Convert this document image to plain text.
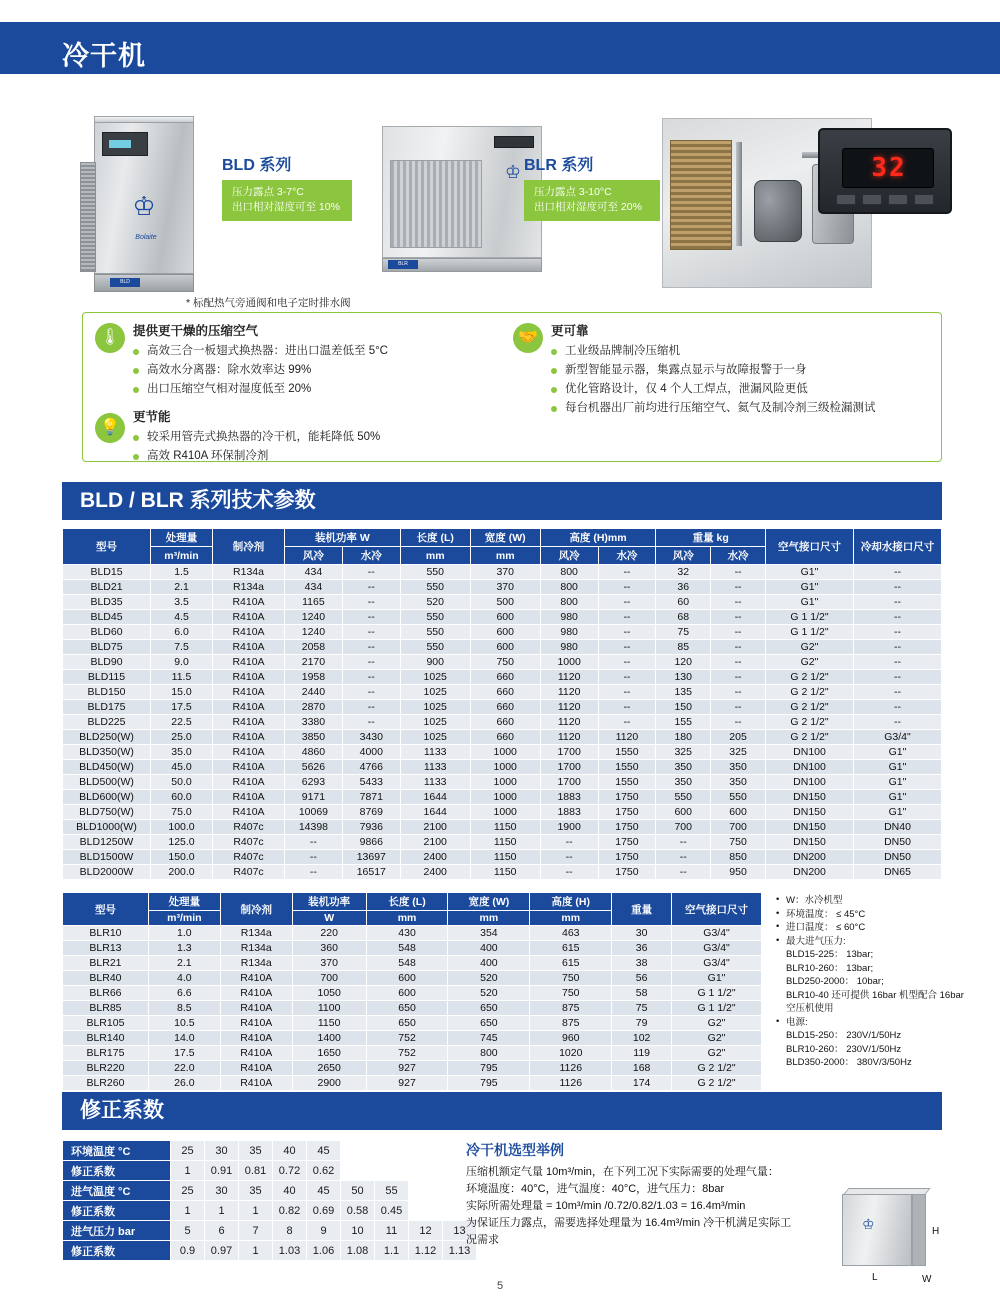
冷干机
♔
Bolaite
BLD
♔
BLR
32
BLD 系列
压力露点 3-7°C
出口相对湿度可至 10%
BLR 系列
压力露点 3-10°C
出口相对湿度可至 20%
* 标配热气旁通阀和电子定时排水阀
🌡	提供更干燥的压缩空气
高效三合一板翅式换热器：进出口温差低至 5°C
高效水分离器：除水效率达 99%
出口压缩空气相对湿度低至 20%
💡
更节能
较采用管壳式换热器的冷干机，能耗降低 50%
高效 R410A 环保制冷剂
🤝	更可靠
工业级品牌制冷压缩机
新型智能显示器，集露点显示与故障报警于一身
优化管路设计，仅 4 个人工焊点，泄漏风险更低
每台机器出厂前均进行压缩空气、氦气及制冷剂三级检漏测试
BLD / BLR 系列技术参数
型号	处理量	制冷剂	装机功率 W		长度 (L)	宽度 (W)	高度 (H)mm		重量 kg		空气接口尺寸	冷却水接口尺寸
	m³/min		风冷	水冷	mm	mm	风冷	水冷	风冷	水冷		
BLD15	1.5	R134a	434	--	550	370	800	--	32	--	G1"	--
BLD21	2.1	R134a	434	--	550	370	800	--	36	--	G1"	--
BLD35	3.5	R410A	1165	--	520	500	800	--	60	--	G1"	--
BLD45	4.5	R410A	1240	--	550	600	980	--	68	--	G 1 1/2"	--
BLD60	6.0	R410A	1240	--	550	600	980	--	75	--	G 1 1/2"	--
BLD75	7.5	R410A	2058	--	550	600	980	--	85	--	G2"	--
BLD90	9.0	R410A	2170	--	900	750	1000	--	120	--	G2"	--
BLD115	11.5	R410A	1958	--	1025	660	1120	--	130	--	G 2 1/2"	--
BLD150	15.0	R410A	2440	--	1025	660	1120	--	135	--	G 2 1/2"	--
BLD175	17.5	R410A	2870	--	1025	660	1120	--	150	--	G 2 1/2"	--
BLD225	22.5	R410A	3380	--	1025	660	1120	--	155	--	G 2 1/2"	--
BLD250(W)	25.0	R410A	3850	3430	1025	660	1120	1120	180	205	G 2 1/2"	G3/4"
BLD350(W)	35.0	R410A	4860	4000	1133	1000	1700	1550	325	325	DN100	G1"
BLD450(W)	45.0	R410A	5626	4766	1133	1000	1700	1550	350	350	DN100	G1"
BLD500(W)	50.0	R410A	6293	5433	1133	1000	1700	1550	350	350	DN100	G1"
BLD600(W)	60.0	R410A	9171	7871	1644	1000	1883	1750	550	550	DN150	G1"
BLD750(W)	75.0	R410A	10069	8769	1644	1000	1883	1750	600	600	DN150	G1"
BLD1000(W)	100.0	R407c	14398	7936	2100	1150	1900	1750	700	700	DN150	DN40
BLD1250W	125.0	R407c	--	9866	2100	1150	--	1750	--	750	DN150	DN50
BLD1500W	150.0	R407c	--	13697	2400	1150	--	1750	--	850	DN200	DN50
BLD2000W	200.0	R407c	--	16517	2400	1150	--	1750	--	950	DN200	DN65
型号	处理量	制冷剂	装机功率	长度 (L)	宽度 (W)	高度 (H)	重量	空气接口尺寸
	m³/min		W	mm	mm	mm		
BLR10	1.0	R134a	220	430	354	463	30	G3/4"
BLR13	1.3	R134a	360	548	400	615	36	G3/4"
BLR21	2.1	R134a	370	548	400	615	38	G3/4"
BLR40	4.0	R410A	700	600	520	750	56	G1"
BLR66	6.6	R410A	1050	600	520	750	58	G 1 1/2"
BLR85	8.5	R410A	1100	650	650	875	75	G 1 1/2"
BLR105	10.5	R410A	1150	650	650	875	79	G2"
BLR140	14.0	R410A	1400	752	745	960	102	G2"
BLR175	17.5	R410A	1650	752	800	1020	119	G2"
BLR220	22.0	R410A	2650	927	795	1126	168	G 2 1/2"
BLR260	26.0	R410A	2900	927	795	1126	174	G 2 1/2"
• W：水冷机型
• 环境温度： ≤ 45°C
• 进口温度： ≤ 60°C
• 最大进气压力:
BLD15-225： 13bar;
BLR10-260： 13bar;
BLD250-2000： 10bar;
BLR10-40 还可提供 16bar 机型配合 16bar 空压机使用
• 电源:
BLD15-250： 230V/1/50Hz
BLR10-260： 230V/1/50Hz
BLD350-2000： 380V/3/50Hz
修正系数
环境温度 °C	25	30	35	40	45				
修正系数	1	0.91	0.81	0.72	0.62				
进气温度 °C	25	30	35	40	45	50	55		
修正系数	1	1	1	0.82	0.69	0.58	0.45		
进气压力 bar	5	6	7	8	9	10	11	12	13
修正系数	0.9	0.97	1	1.03	1.06	1.08	1.1	1.12	1.13
冷干机选型举例
压缩机额定气量 10m³/min，在下列工况下实际需要的处理气量：
环境温度：40°C，进气温度：40°C，进气压力：8bar
实际所需处理量 = 10m³/min /0.72/0.82/1.03 = 16.4m³/min
为保证压力露点，需要选择处理量为 16.4m³/min 冷干机满足实际工况需求
♔	H
L	W
5
